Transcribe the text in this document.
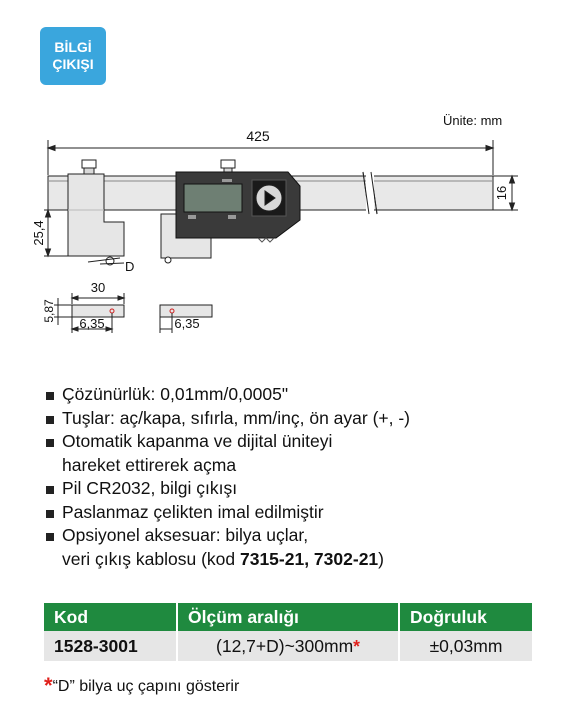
BİLGİ
ÇIKIŞI
Ünite: mm
425
16
25,4
D
30
5,87
6,35	6,35
Çözünürlük: 0,01mm/0,0005"
Tuşlar: aç/kapa, sıfırla, mm/inç, ön ayar (+, -)
Otomatik kapanma ve dijital üniteyi
hareket ettirerek açma
Pil CR2032, bilgi çıkışı
Paslanmaz çelikten imal edilmiştir
Opsiyonel aksesuar: bilya uçlar,
veri çıkış kablosu (kod 7315-21, 7302-21)
Kod	Ölçüm aralığı	Doğruluk
1528-3001	(12,7+D)~300mm*	±0,03mm
*“D” bilya uç çapını gösterir
